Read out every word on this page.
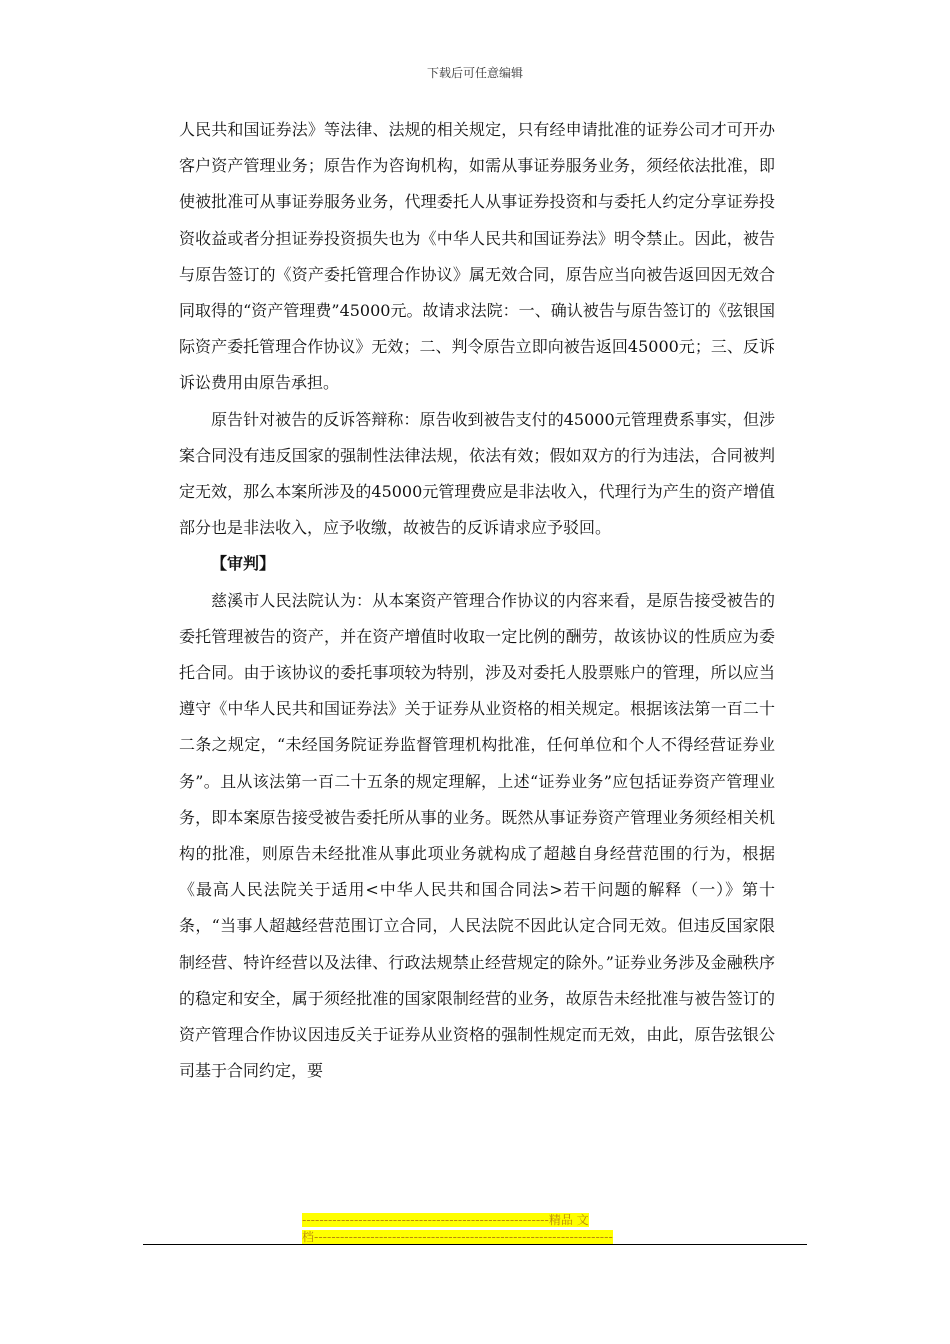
下载后可任意编辑

人民共和国证券法》等法律、法规的相关规定，只有经申请批准的证券公司才可开办客户资产管理业务；原告作为咨询机构，如需从事证券服务业务，须经依法批准，即使被批准可从事证券服务业务，代理委托人从事证券投资和与委托人约定分享证券投资收益或者分担证券投资损失也为《中华人民共和国证券法》明令禁止。因此，被告与原告签订的《资产委托管理合作协议》属无效合同，原告应当向被告返回因无效合同取得的“资产管理费”45000元。故请求法院：一、确认被告与原告签订的《弦银国际资产委托管理合作协议》无效；二、判令原告立即向被告返回45000元；三、反诉诉讼费用由原告承担。

原告针对被告的反诉答辩称：原告收到被告支付的45000元管理费系事实，但涉案合同没有违反国家的强制性法律法规，依法有效；假如双方的行为违法，合同被判定无效，那么本案所涉及的45000元管理费应是非法收入，代理行为产生的资产增值部分也是非法收入，应予收缴，故被告的反诉请求应予驳回。

【审判】

慈溪市人民法院认为：从本案资产管理合作协议的内容来看，是原告接受被告的委托管理被告的资产，并在资产增值时收取一定比例的酬劳，故该协议的性质应为委托合同。由于该协议的委托事项较为特别，涉及对委托人股票账户的管理，所以应当遵守《中华人民共和国证券法》关于证券从业资格的相关规定。根据该法第一百二十二条之规定，“未经国务院证券监督管理机构批准，任何单位和个人不得经营证券业务”。且从该法第一百二十五条的规定理解，上述“证券业务”应包括证券资产管理业务，即本案原告接受被告委托所从事的业务。既然从事证券资产管理业务须经相关机构的批准，则原告未经批准从事此项业务就构成了超越自身经营范围的行为，根据《最高人民法院关于适用<中华人民共和国合同法>若干问题的解释（一）》第十条，“当事人超越经营范围订立合同，人民法院不因此认定合同无效。但违反国家限制经营、特许经营以及法律、行政法规禁止经营规定的除外。”证券业务涉及金融秩序的稳定和安全，属于须经批准的国家限制经营的业务，故原告未经批准与被告签订的资产管理合作协议因违反关于证券从业资格的强制性规定而无效，由此，原告弦银公司基于合同约定，要

---------------------------------------------------------精品 文
档---------------------------------------------------------------------
